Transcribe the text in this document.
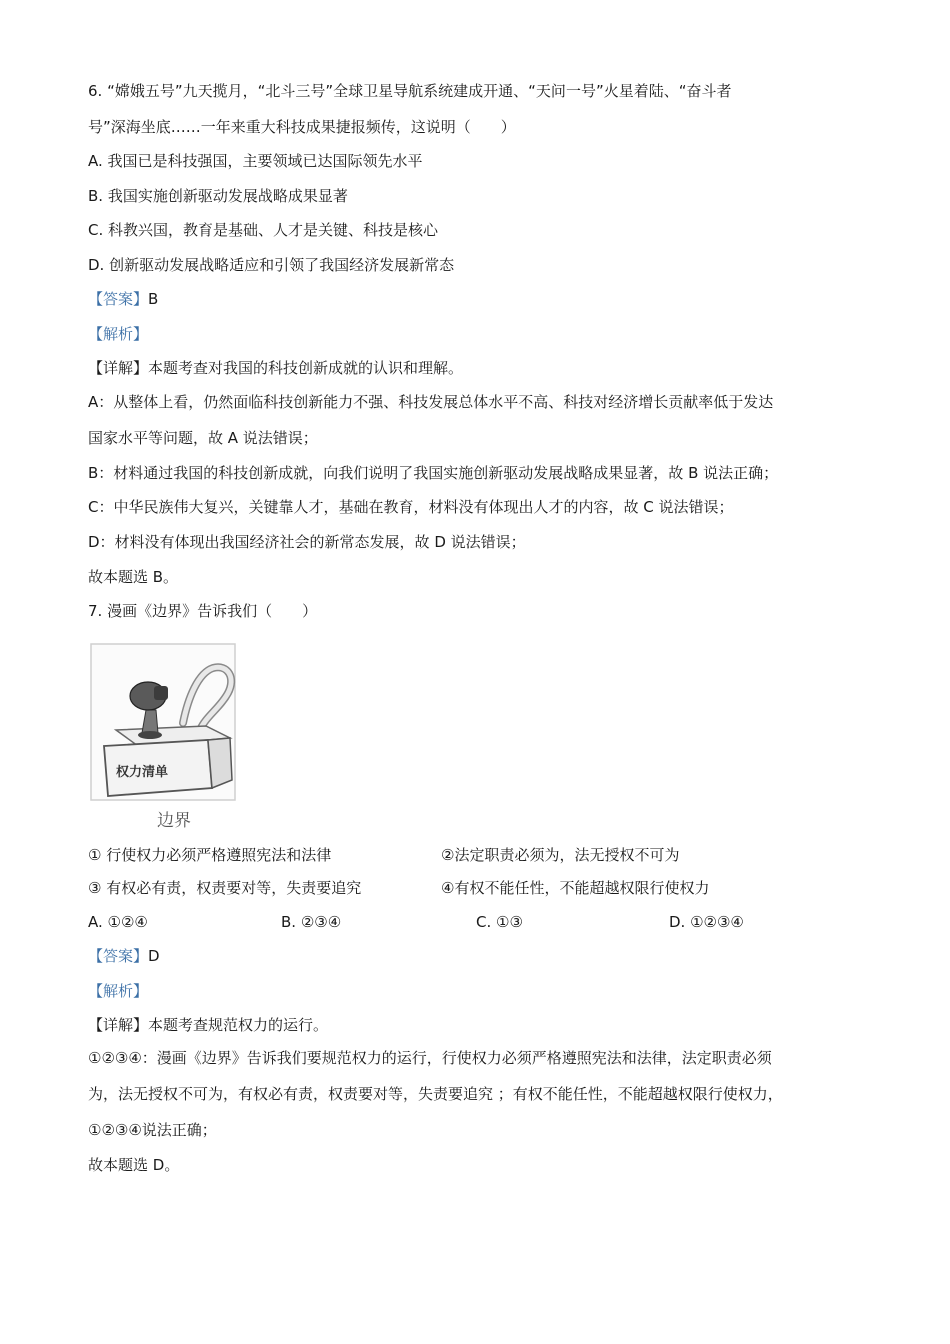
6. “嫦娥五号”九天揽月，“北斗三号”全球卫星导航系统建成开通、“天问一号”火星着陆、“奋斗者
号”深海坐底……一年来重大科技成果捷报频传，这说明（　　）
A. 我国已是科技强国，主要领域已达国际领先水平
B. 我国实施创新驱动发展战略成果显著
C. 科教兴国，教育是基础、人才是关键、科技是核心
D. 创新驱动发展战略适应和引领了我国经济发展新常态
【答案】B
【解析】
【详解】本题考查对我国的科技创新成就的认识和理解。
A：从整体上看，仍然面临科技创新能力不强、科技发展总体水平不高、科技对经济增长贡献率低于发达
国家水平等问题，故 A 说法错误；
B：材料通过我国的科技创新成就，向我们说明了我国实施创新驱动发展战略成果显著，故 B 说法正确；
C：中华民族伟大复兴，关键靠人才，基础在教育，材料没有体现出人才的内容，故 C 说法错误；
D：材料没有体现出我国经济社会的新常态发展，故 D 说法错误；
故本题选 B。
7. 漫画《边界》告诉我们（　　）
权力清单
边界
① 行使权力必须严格遵照宪法和法律	②法定职责必须为，法无授权不可为
③ 有权必有责，权责要对等，失责要追究	④有权不能任性，不能超越权限行使权力
A. ①②④	B. ②③④	C. ①③	D. ①②③④
【答案】D
【解析】
【详解】本题考查规范权力的运行。
①②③④：漫画《边界》告诉我们要规范权力的运行，行使权力必须严格遵照宪法和法律，法定职责必须
为，法无授权不可为，有权必有责，权责要对等，失责要追究 ；有权不能任性，不能超越权限行使权力，
①②③④说法正确；
故本题选 D。
